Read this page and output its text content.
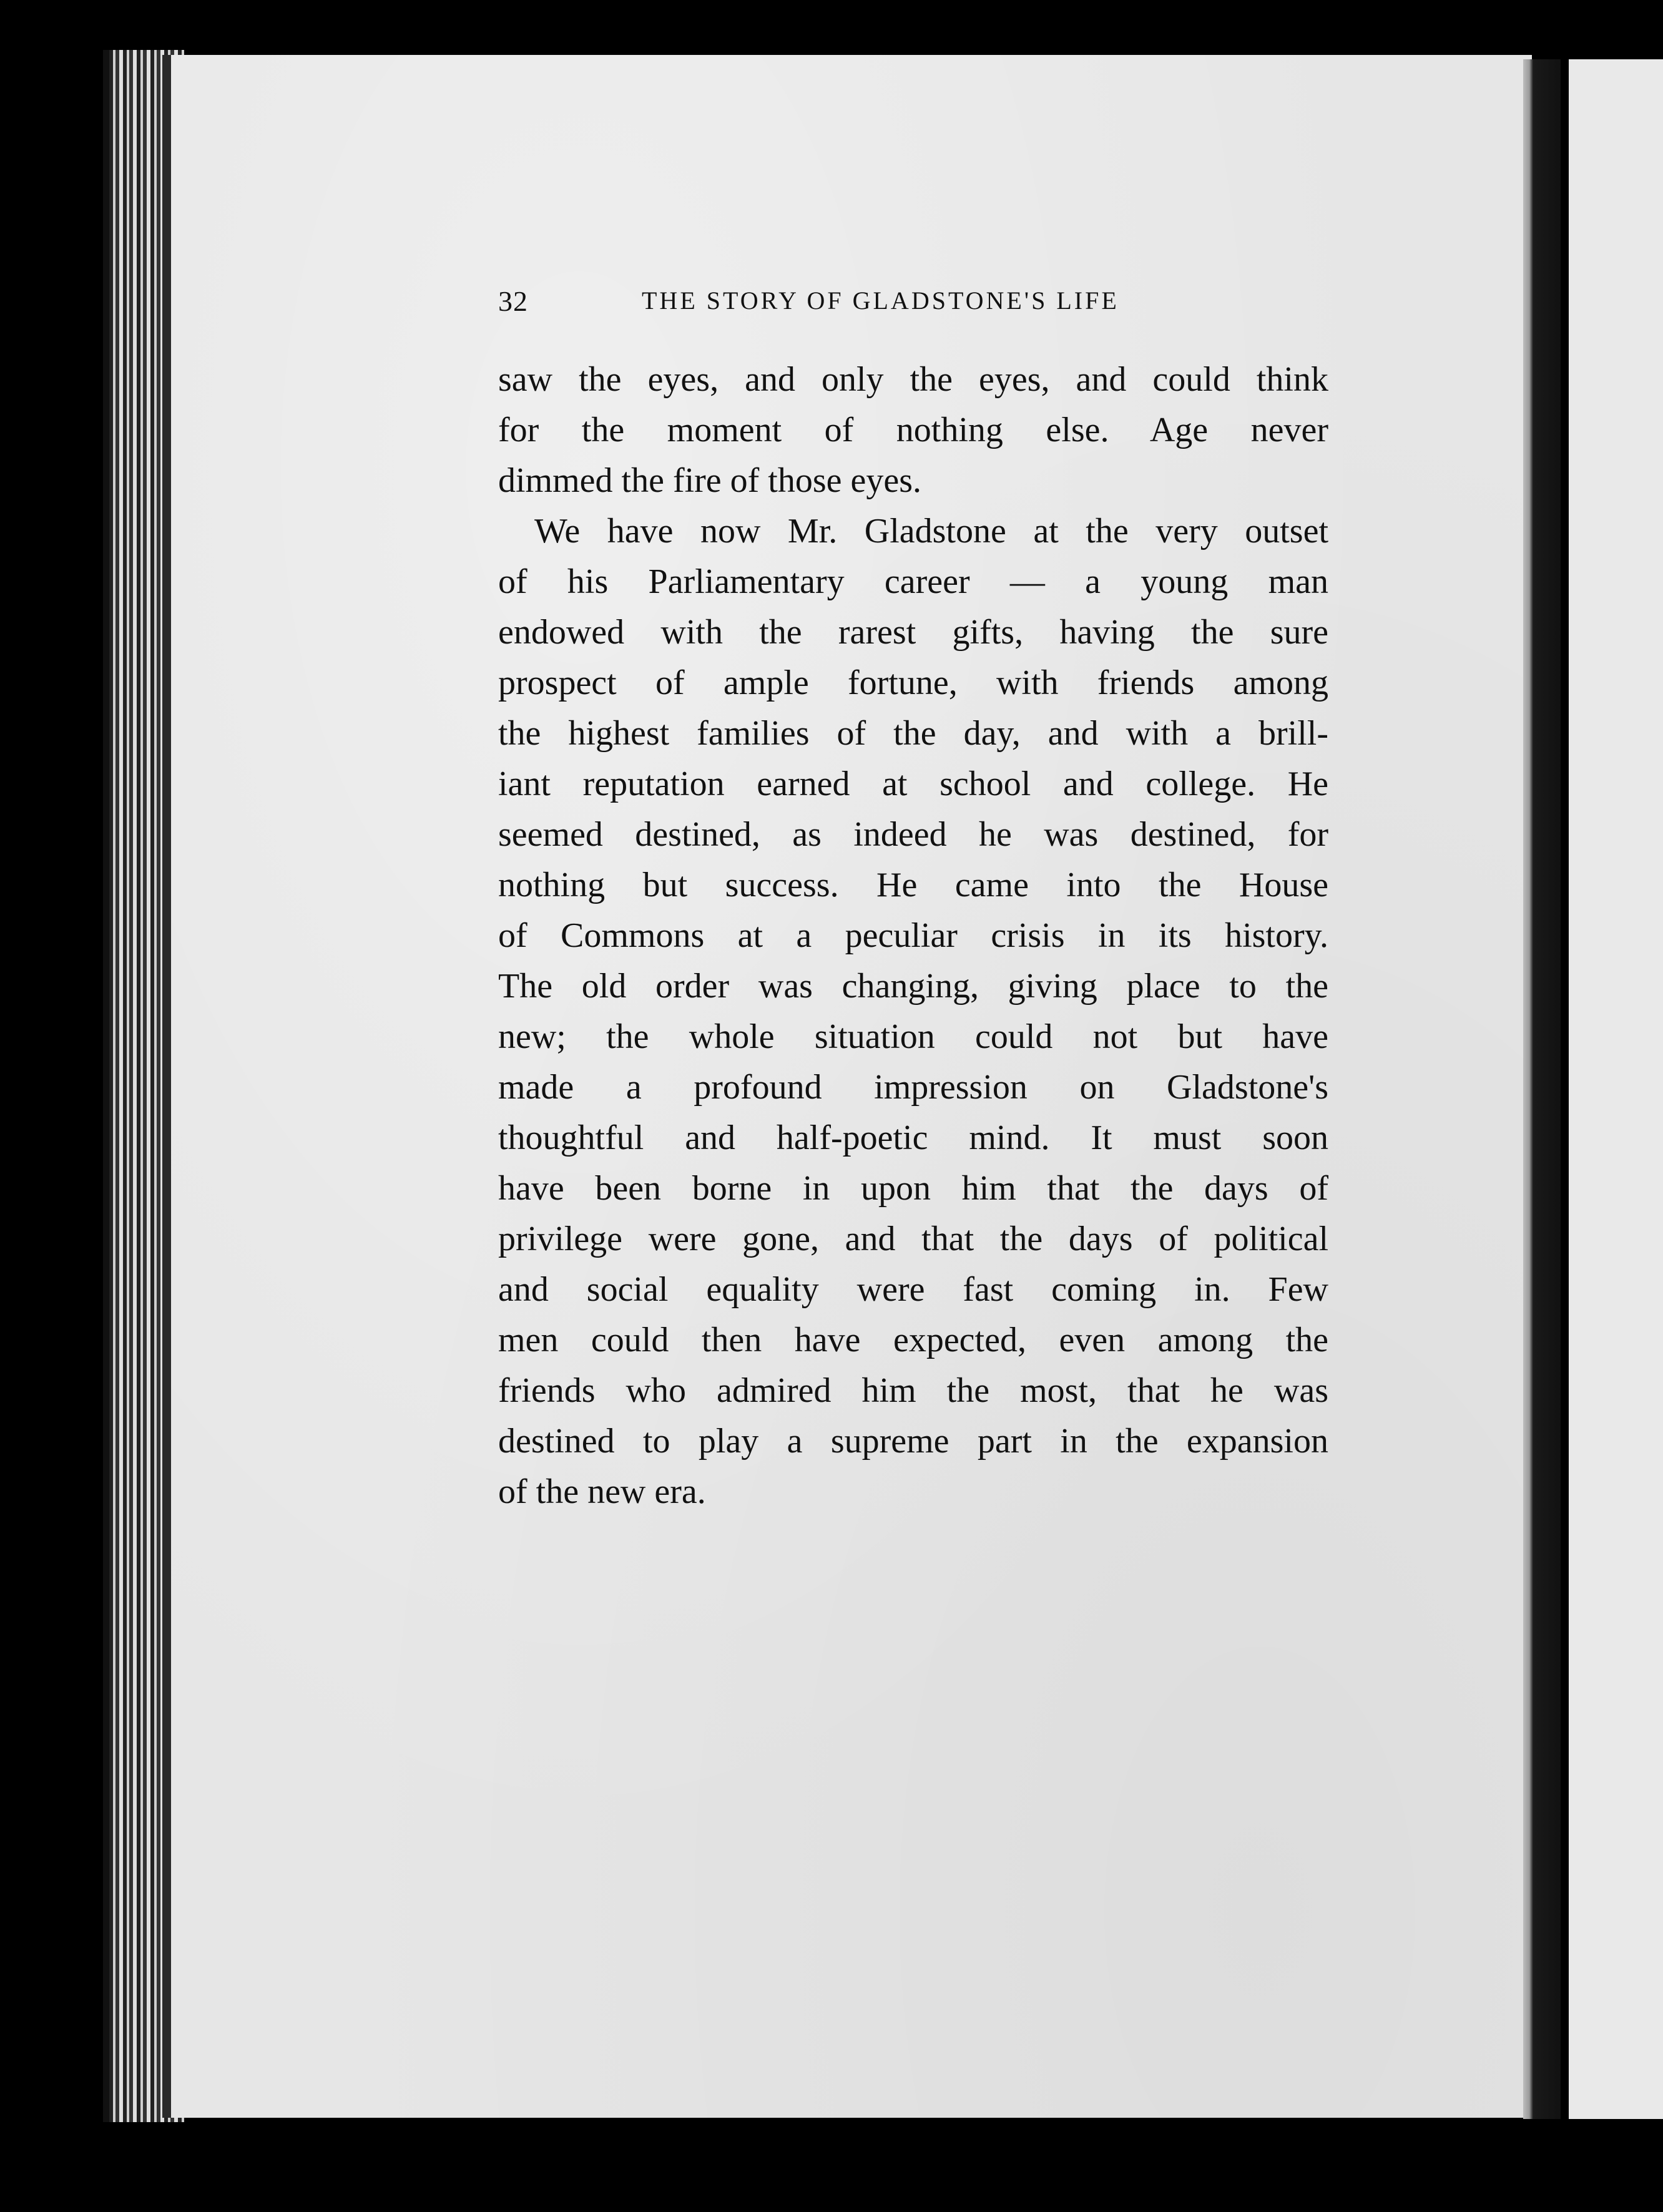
32	THE STORY OF GLADSTONE'S LIFE
saw the eyes, and only the eyes, and could think
for the moment of nothing else. Age never
dimmed the fire of those eyes.
We have now Mr. Gladstone at the very outset
of his Parliamentary career — a young man
endowed with the rarest gifts, having the sure
prospect of ample fortune, with friends among
the highest families of the day, and with a brill-
iant reputation earned at school and college. He
seemed destined, as indeed he was destined, for
nothing but success. He came into the House
of Commons at a peculiar crisis in its history.
The old order was changing, giving place to the
new; the whole situation could not but have
made a profound impression on Gladstone's
thoughtful and half-poetic mind. It must soon
have been borne in upon him that the days of
privilege were gone, and that the days of political
and social equality were fast coming in. Few
men could then have expected, even among the
friends who admired him the most, that he was
destined to play a supreme part in the expansion
of the new era.
